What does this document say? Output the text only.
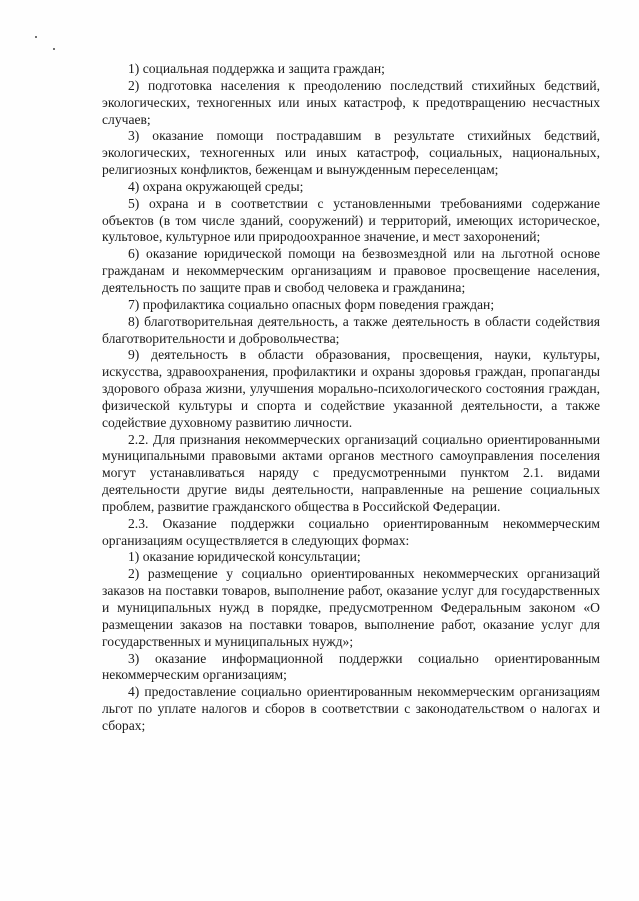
1) социальная поддержка и защита граждан;

2) подготовка населения к преодолению последствий стихийных бедствий, экологических, техногенных или иных катастроф, к предотвращению несчастных случаев;

3) оказание помощи пострадавшим в результате стихийных бедствий, экологических, техногенных или иных катастроф, социальных, национальных, религиозных конфликтов, беженцам и вынужденным переселенцам;

4) охрана окружающей среды;

5) охрана и в соответствии с установленными требованиями содержание объектов (в том числе зданий, сооружений) и территорий, имеющих историческое, культовое, культурное или природоохранное значение, и мест захоронений;

6) оказание юридической помощи на безвозмездной или на льготной основе гражданам и некоммерческим организациям и правовое просвещение населения, деятельность по защите прав и свобод человека и гражданина;

7) профилактика социально опасных форм поведения граждан;

8) благотворительная деятельность, а также деятельность в области содействия благотворительности и добровольчества;

9) деятельность в области образования, просвещения, науки, культуры, искусства, здравоохранения, профилактики и охраны здоровья граждан, пропаганды здорового образа жизни, улучшения морально-психологического состояния граждан, физической культуры и спорта и содействие указанной деятельности, а также содействие духовному развитию личности.

2.2. Для признания некоммерческих организаций социально ориентированными муниципальными правовыми актами органов местного самоуправления поселения могут устанавливаться наряду с предусмотренными пунктом 2.1. видами деятельности другие виды деятельности, направленные на решение социальных проблем, развитие гражданского общества в Российской Федерации.

2.3. Оказание поддержки социально ориентированным некоммерческим организациям осуществляется в следующих формах:

1) оказание юридической консультации;

2) размещение у социально ориентированных некоммерческих организаций заказов на поставки товаров, выполнение работ, оказание услуг для государственных и муниципальных нужд в порядке, предусмотренном Федеральным законом «О размещении заказов на поставки товаров, выполнение работ, оказание услуг для государственных и муниципальных нужд»;

3) оказание информационной поддержки социально ориентированным некоммерческим организациям;

4) предоставление социально ориентированным некоммерческим организациям льгот по уплате налогов и сборов в соответствии с законодательством о налогах и сборах;
